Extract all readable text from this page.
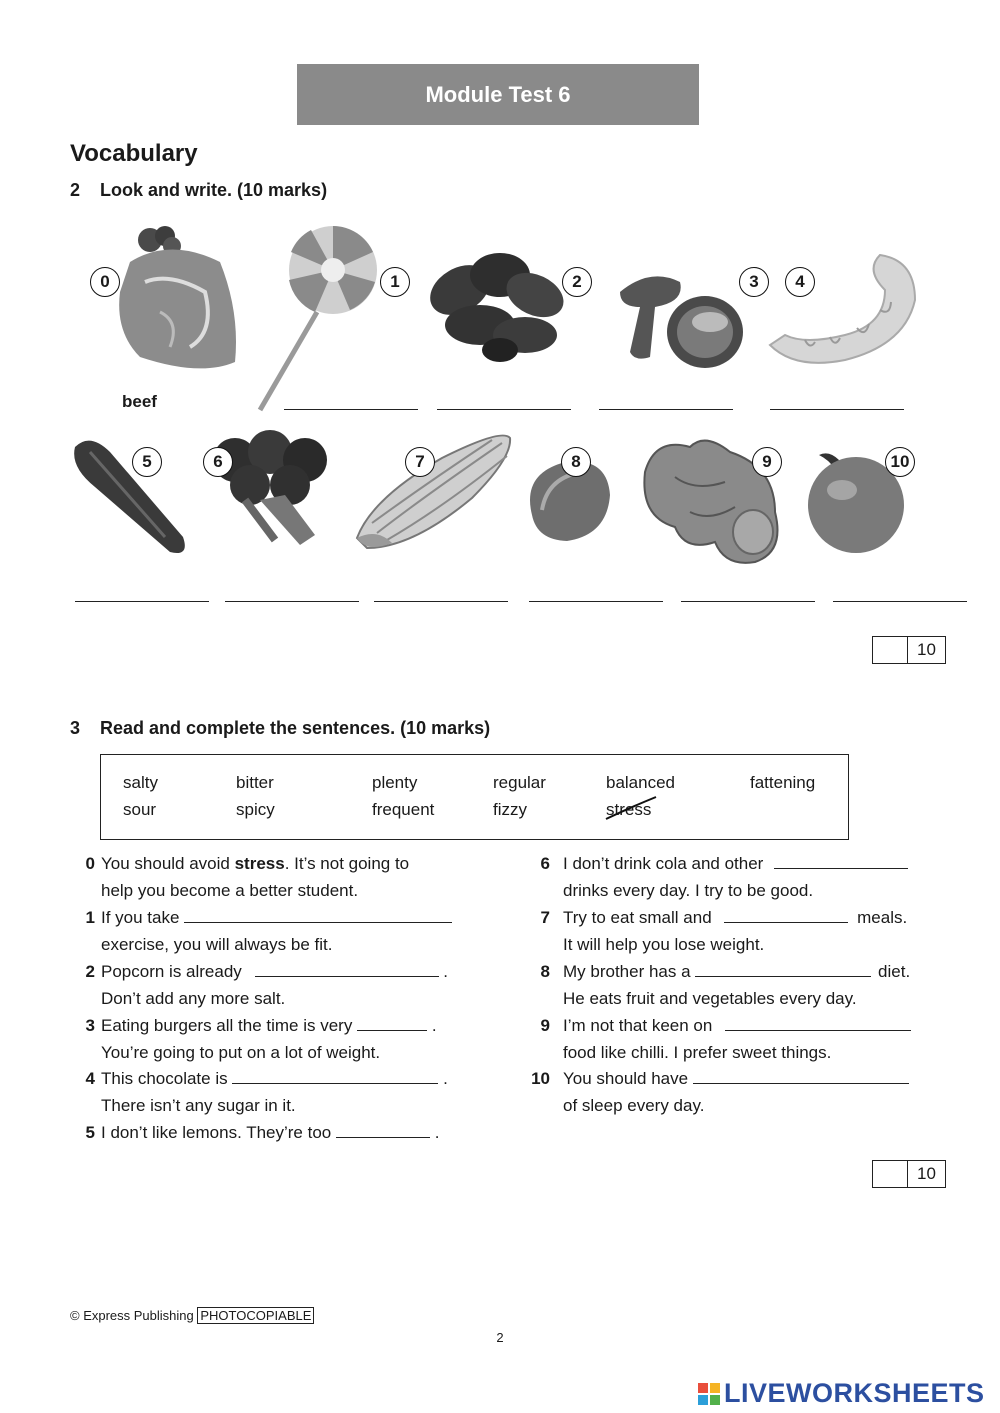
Module Test 6
Vocabulary
2 Look and write. (10 marks)
0	1	2	3	4
beef
5	6	7	8	9	10
10
3 Read and complete the sentences. (10 marks)
salty	bitter	plenty	regular	balanced	fattening
sour	spicy	frequent	fizzy	stress
0 You should avoid stress. It’s not going to
help you become a better student.
1 If you take
exercise, you will always be fit.
2 Popcorn is already	.
Don’t add any more salt.
3 Eating burgers all the time is very	.
You’re going to put on a lot of weight.
4 This chocolate is	.
There isn’t any sugar in it.
5 I don’t like lemons. They’re too	.
6 I don’t drink cola and other
drinks every day. I try to be good.
7 Try to eat small and	meals.
It will help you lose weight.
8 My brother has a	diet.
He eats fruit and vegetables every day.
9 I’m not that keen on
food like chilli. I prefer sweet things.
10 You should have
of sleep every day.
10
© Express Publishing PHOTOCOPIABLE
2
LIVEWORKSHEETS
